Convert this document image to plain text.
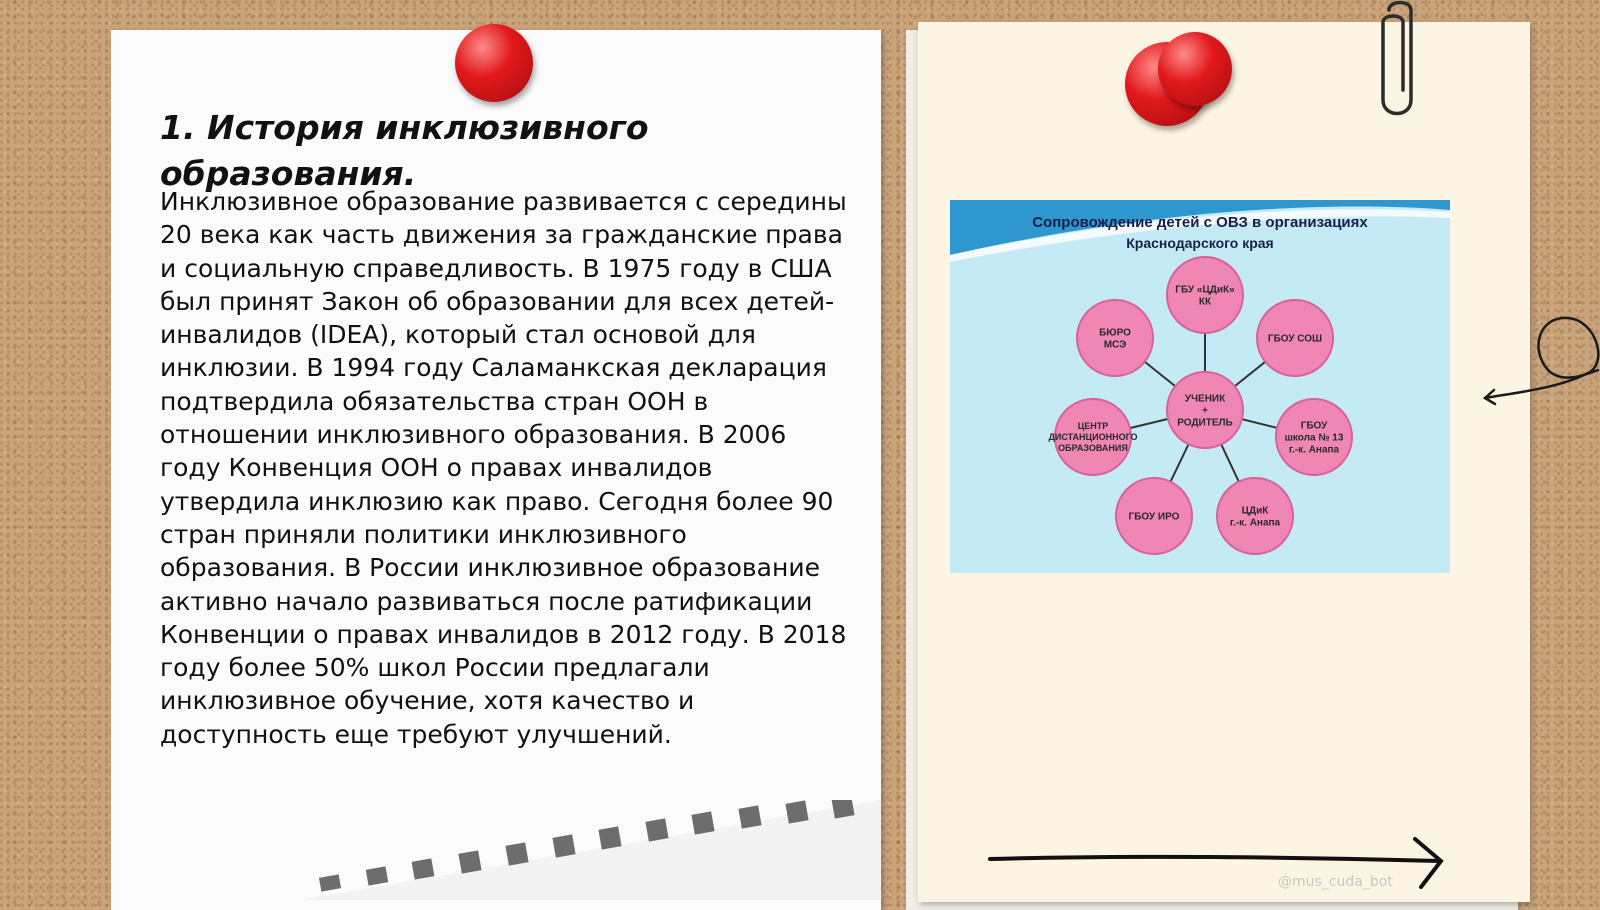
1. История инклюзивного образования.

Инклюзивное образование развивается с середины 20 века как часть движения за гражданские права и социальную справедливость. В 1975 году в США был принят Закон об образовании для всех детей-инвалидов (IDEA), который стал основой для инклюзии. В 1994 году Саламанкская декларация подтвердила обязательства стран ООН в отношении инклюзивного образования. В 2006 году Конвенция ООН о правах инвалидов утвердила инклюзию как право. Сегодня более 90 стран приняли политики инклюзивного образования. В России инклюзивное образование активно начало развиваться после ратификации Конвенции о правах инвалидов в 2012 году. В 2018 году более 50% школ России предлагали инклюзивное обучение, хотя качество и доступность еще требуют улучшений.

Сопровождение детей с ОВЗ в организациях
Краснодарского края
ГБУ «ЦДиК»
КК
ГБОУ СОШ
ГБОУ
школа № 13
г.-к. Анапа
ЦДиК
г.-к. Анапа
ГБОУ ИРО
ЦЕНТР
ДИСТАНЦИОННОГО
ОБРАЗОВАНИЯ
БЮРО
МСЭ
УЧЕНИК
+
РОДИТЕЛЬ
@mus_cuda_bot
